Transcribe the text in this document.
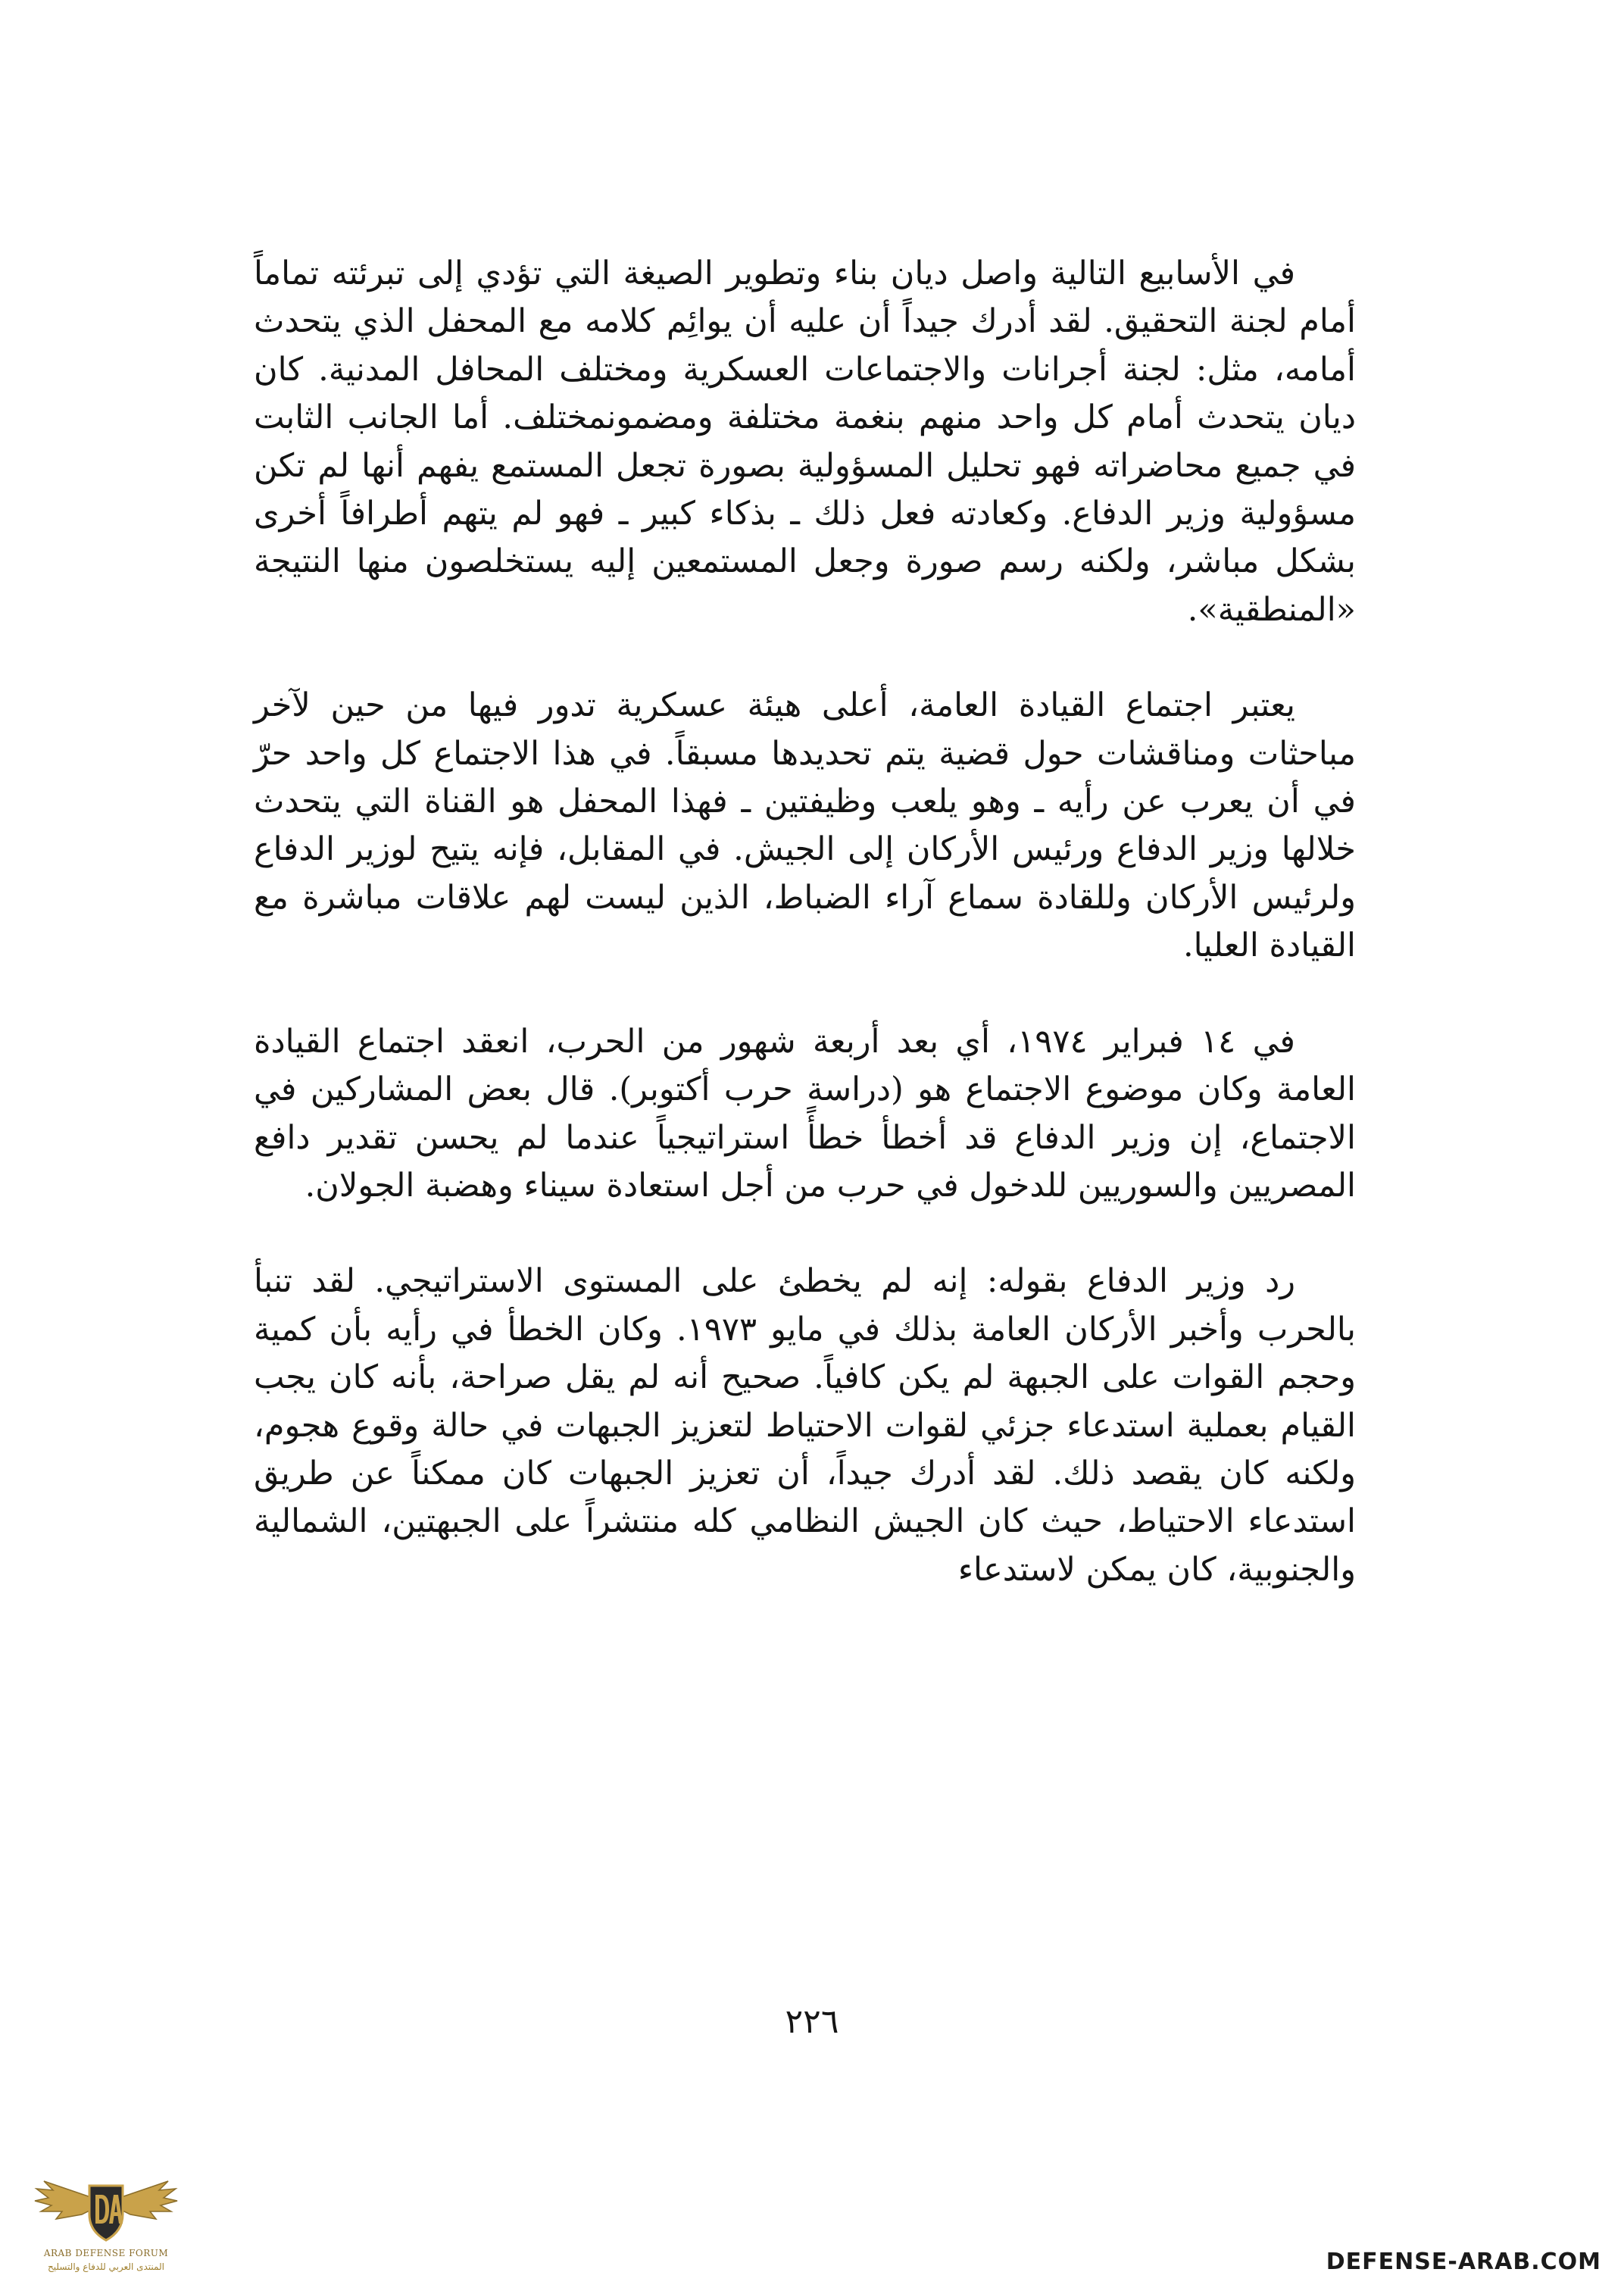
في الأسابيع التالية واصل ديان بناء وتطوير الصيغة التي تؤدي إلى تبرئته تماماً أمام لجنة التحقيق. لقد أدرك جيداً أن عليه أن يوائِم كلامه مع المحفل الذي يتحدث أمامه، مثل: لجنة أجرانات والاجتماعات العسكرية ومختلف المحافل المدنية. كان ديان يتحدث أمام كل واحد منهم بنغمة مختلفة ومضمونمختلف. أما الجانب الثابت في جميع محاضراته فهو تحليل المسؤولية بصورة تجعل المستمع يفهم أنها لم تكن مسؤولية وزير الدفاع. وكعادته فعل ذلك ـ بذكاء كبير ـ فهو لم يتهم أطرافاً أخرى بشكل مباشر، ولكنه رسم صورة وجعل المستمعين إليه يستخلصون منها النتيجة «المنطقية».

يعتبر اجتماع القيادة العامة، أعلى هيئة عسكرية تدور فيها من حين لآخر مباحثات ومناقشات حول قضية يتم تحديدها مسبقاً. في هذا الاجتماع كل واحد حرّ في أن يعرب عن رأيه ـ وهو يلعب وظيفتين ـ فهذا المحفل هو القناة التي يتحدث خلالها وزير الدفاع ورئيس الأركان إلى الجيش. في المقابل، فإنه يتيح لوزير الدفاع ولرئيس الأركان وللقادة سماع آراء الضباط، الذين ليست لهم علاقات مباشرة مع القيادة العليا.

في ١٤ فبراير ١٩٧٤، أي بعد أربعة شهور من الحرب، انعقد اجتماع القيادة العامة وكان موضوع الاجتماع هو (دراسة حرب أكتوبر). قال بعض المشاركين في الاجتماع، إن وزير الدفاع قد أخطأ خطأً استراتيجياً عندما لم يحسن تقدير دافع المصريين والسوريين للدخول في حرب من أجل استعادة سيناء وهضبة الجولان.

رد وزير الدفاع بقوله: إنه لم يخطئ على المستوى الاستراتيجي. لقد تنبأ بالحرب وأخبر الأركان العامة بذلك في مايو ١٩٧٣. وكان الخطأ في رأيه بأن كمية وحجم القوات على الجبهة لم يكن كافياً. صحيح أنه لم يقل صراحة، بأنه كان يجب القيام بعملية استدعاء جزئي لقوات الاحتياط لتعزيز الجبهات في حالة وقوع هجوم، ولكنه كان يقصد ذلك. لقد أدرك جيداً، أن تعزيز الجبهات كان ممكناً عن طريق استدعاء الاحتياط، حيث كان الجيش النظامي كله منتشراً على الجبهتين، الشمالية والجنوبية، كان يمكن لاستدعاء

٢٢٦
ARAB DEFENSE FORUM
المنتدى العربي للدفاع والتسليح	DEFENSE-ARAB.COM
